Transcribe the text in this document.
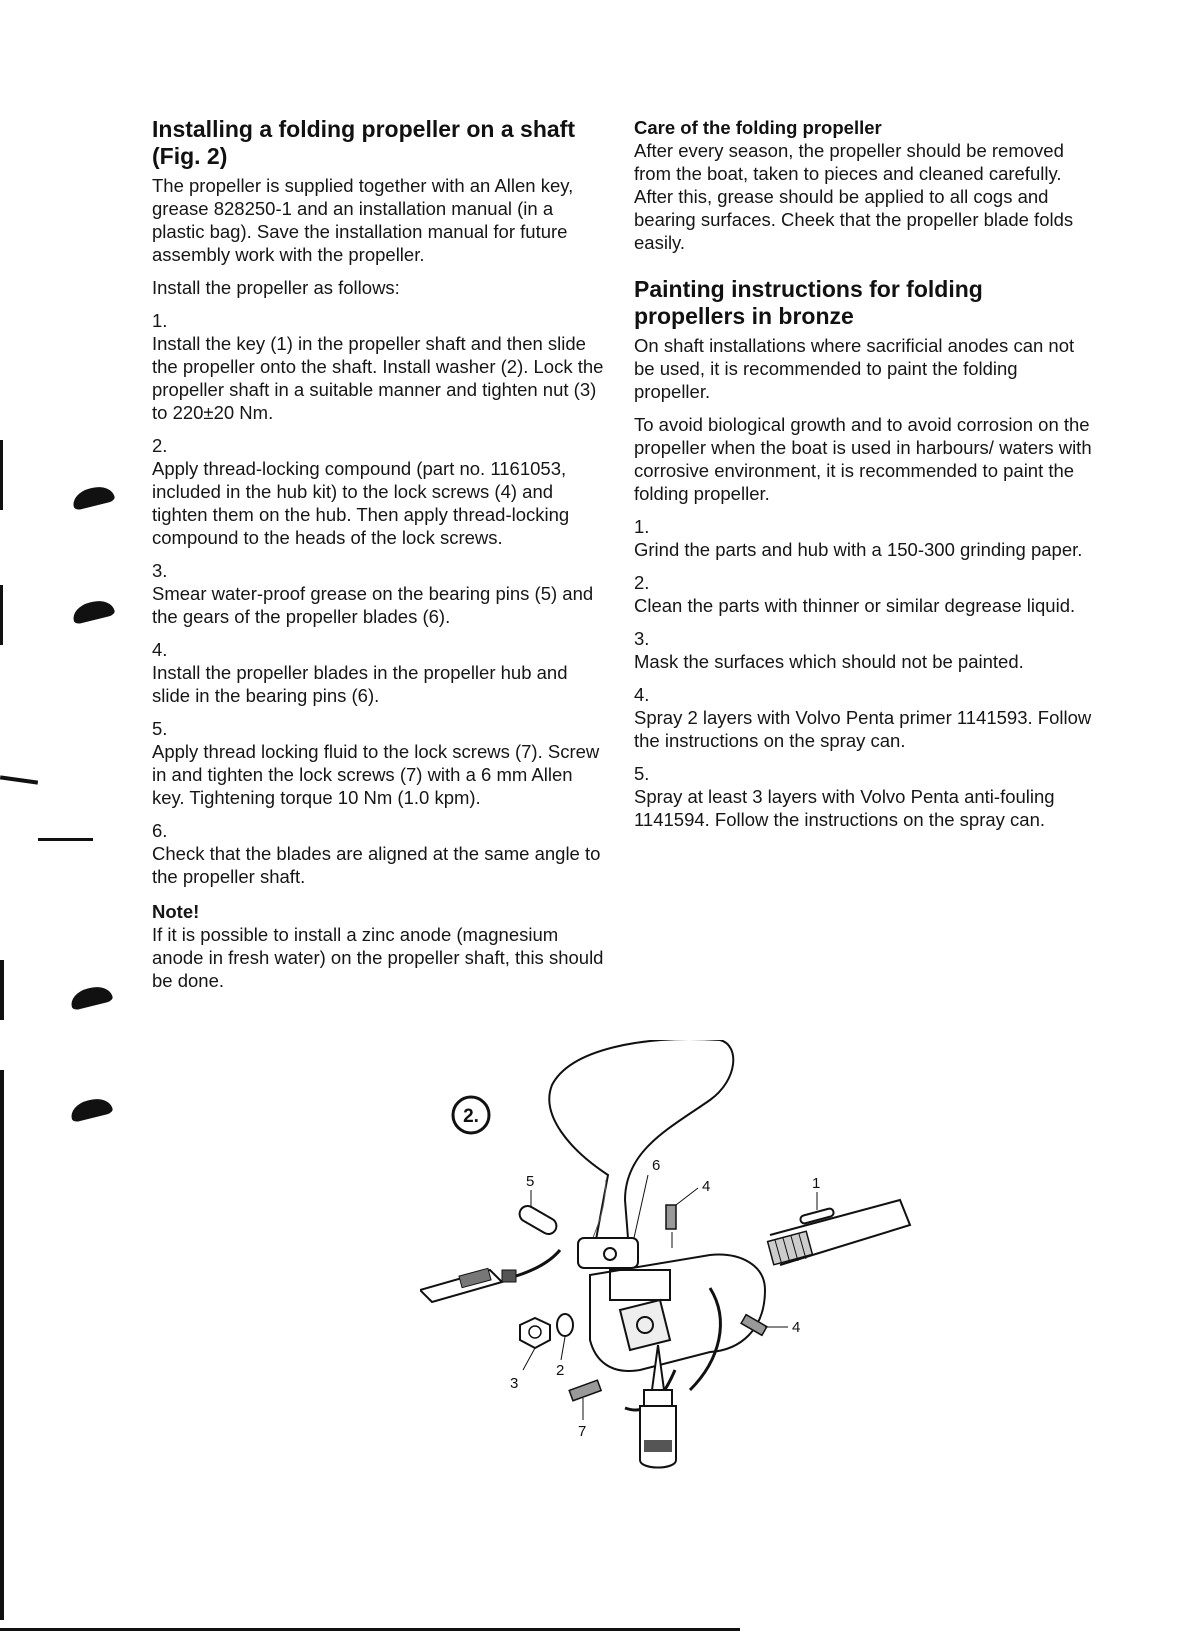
Installing a folding propeller on a shaft (Fig. 2)

The propeller is supplied together with an Allen key, grease 828250-1 and an installation manual (in a plastic bag). Save the installation manual for future assembly work with the propeller.

Install the propeller as follows:

1.

Install the key (1) in the propeller shaft and then slide the propeller onto the shaft. Install washer (2). Lock the propeller shaft in a suitable manner and tighten nut (3) to 220±20 Nm.

2.

Apply thread-locking compound (part no. 1161053, included in the hub kit) to the lock screws (4) and tighten them on the hub. Then apply thread-locking compound to the heads of the lock screws.

3.

Smear water-proof grease on the bearing pins (5) and the gears of the propeller blades (6).

4.

Install the propeller blades in the propeller hub and slide in the bearing pins (6).

5.

Apply thread locking fluid to the lock screws (7). Screw in and tighten the lock screws (7) with a 6 mm Allen key. Tightening torque 10 Nm (1.0 kpm).

6.

Check that the blades are aligned at the same angle to the propeller shaft.

Note!

If it is possible to install a zinc anode (magnesium anode in fresh water) on the propeller shaft, this should be done.

Care of the folding propeller

After every season, the propeller should be removed from the boat, taken to pieces and cleaned carefully. After this, grease should be applied to all cogs and bearing surfaces. Cheek that the propeller blade folds easily.

Painting instructions for folding propellers in bronze

On shaft installations where sacrificial anodes can not be used, it is recommended to paint the folding propeller.

To avoid biological growth and to avoid corrosion on the propeller when the boat is used in harbours/ waters with corrosive environment, it is recommended to paint the folding propeller.

1.

Grind the parts and hub with a 150-300 grinding paper.

2.

Clean the parts with thinner or similar degrease liquid.

3.

Mask the surfaces which should not be painted.

4.

Spray 2 layers with Volvo Penta primer 1141593. Follow the instructions on the spray can.

5.

Spray at least 3 layers with Volvo Penta anti-fouling 1141594. Follow the instructions on the spray can.

2.
5
6
4	1
4
2
3
7
